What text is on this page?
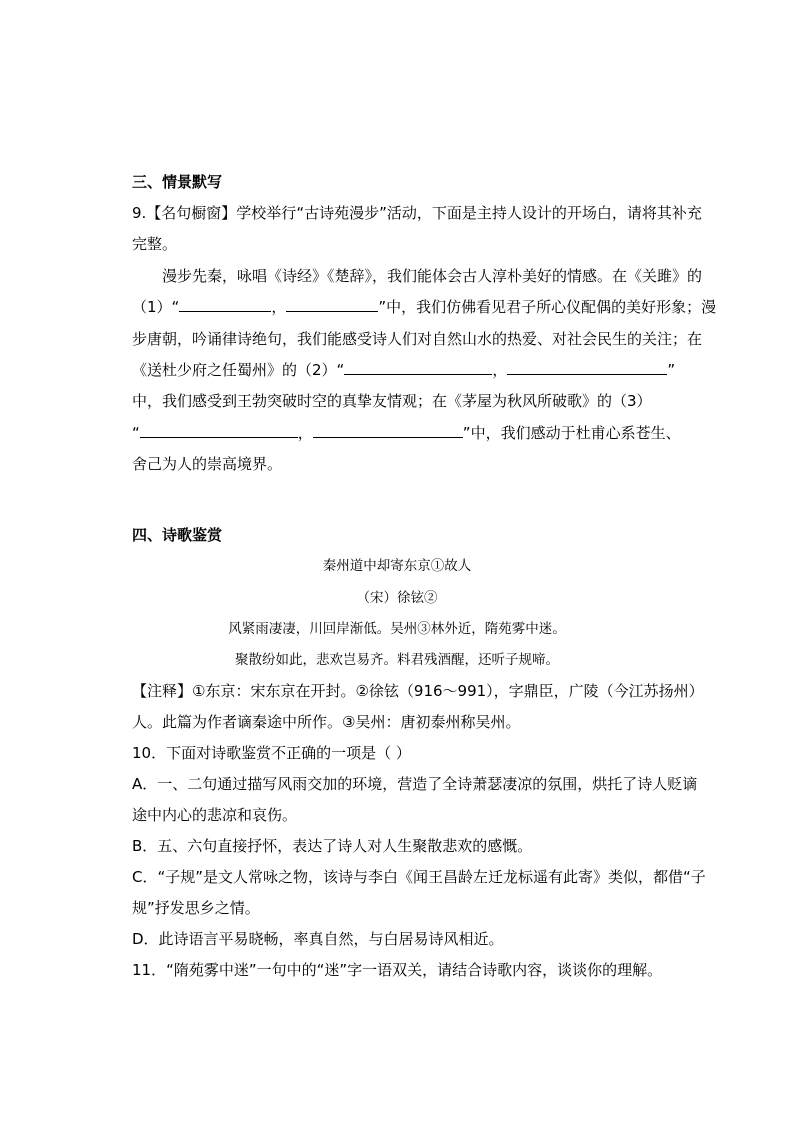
三、情景默写
9.【名句橱窗】学校举行“古诗苑漫步”活动，下面是主持人设计的开场白，请将其补充
完整。
漫步先秦，咏唱《诗经》《楚辞》，我们能体会古人淳朴美好的情感。在《关雎》的
（1）“	，	”中，我们仿佛看见君子所心仪配偶的美好形象；漫
步唐朝，吟诵律诗绝句，我们能感受诗人们对自然山水的热爱、对社会民生的关注；在
《送杜少府之任蜀州》的（2）“	，	”
中，我们感受到王勃突破时空的真挚友情观；在《茅屋为秋风所破歌》的（3）
“	，	”中，我们感动于杜甫心系苍生、
舍己为人的崇高境界。
四、诗歌鉴赏
秦州道中却寄东京①故人
（宋）徐铉②
风紧雨凄凄，川回岸渐低。吴州③林外近，隋苑雾中迷。
聚散纷如此，悲欢岂易齐。料君残酒醒，还听子规啼。
【注释】①东京：宋东京在开封。②徐铉（916～991），字鼎臣，广陵（今江苏扬州）
人。此篇为作者谪秦途中所作。③吴州：唐初泰州称吴州。
10．下面对诗歌鉴赏不正确的一项是（ ）
A．一、二句通过描写风雨交加的环境，营造了全诗萧瑟凄凉的氛围，烘托了诗人贬谪
途中内心的悲凉和哀伤。
B．五、六句直接抒怀，表达了诗人对人生聚散悲欢的感慨。
C．“子规”是文人常咏之物，该诗与李白《闻王昌龄左迁龙标遥有此寄》类似，都借“子
规”抒发思乡之情。
D．此诗语言平易晓畅，率真自然，与白居易诗风相近。
11．“隋苑雾中迷”一句中的“迷”字一语双关，请结合诗歌内容，谈谈你的理解。
